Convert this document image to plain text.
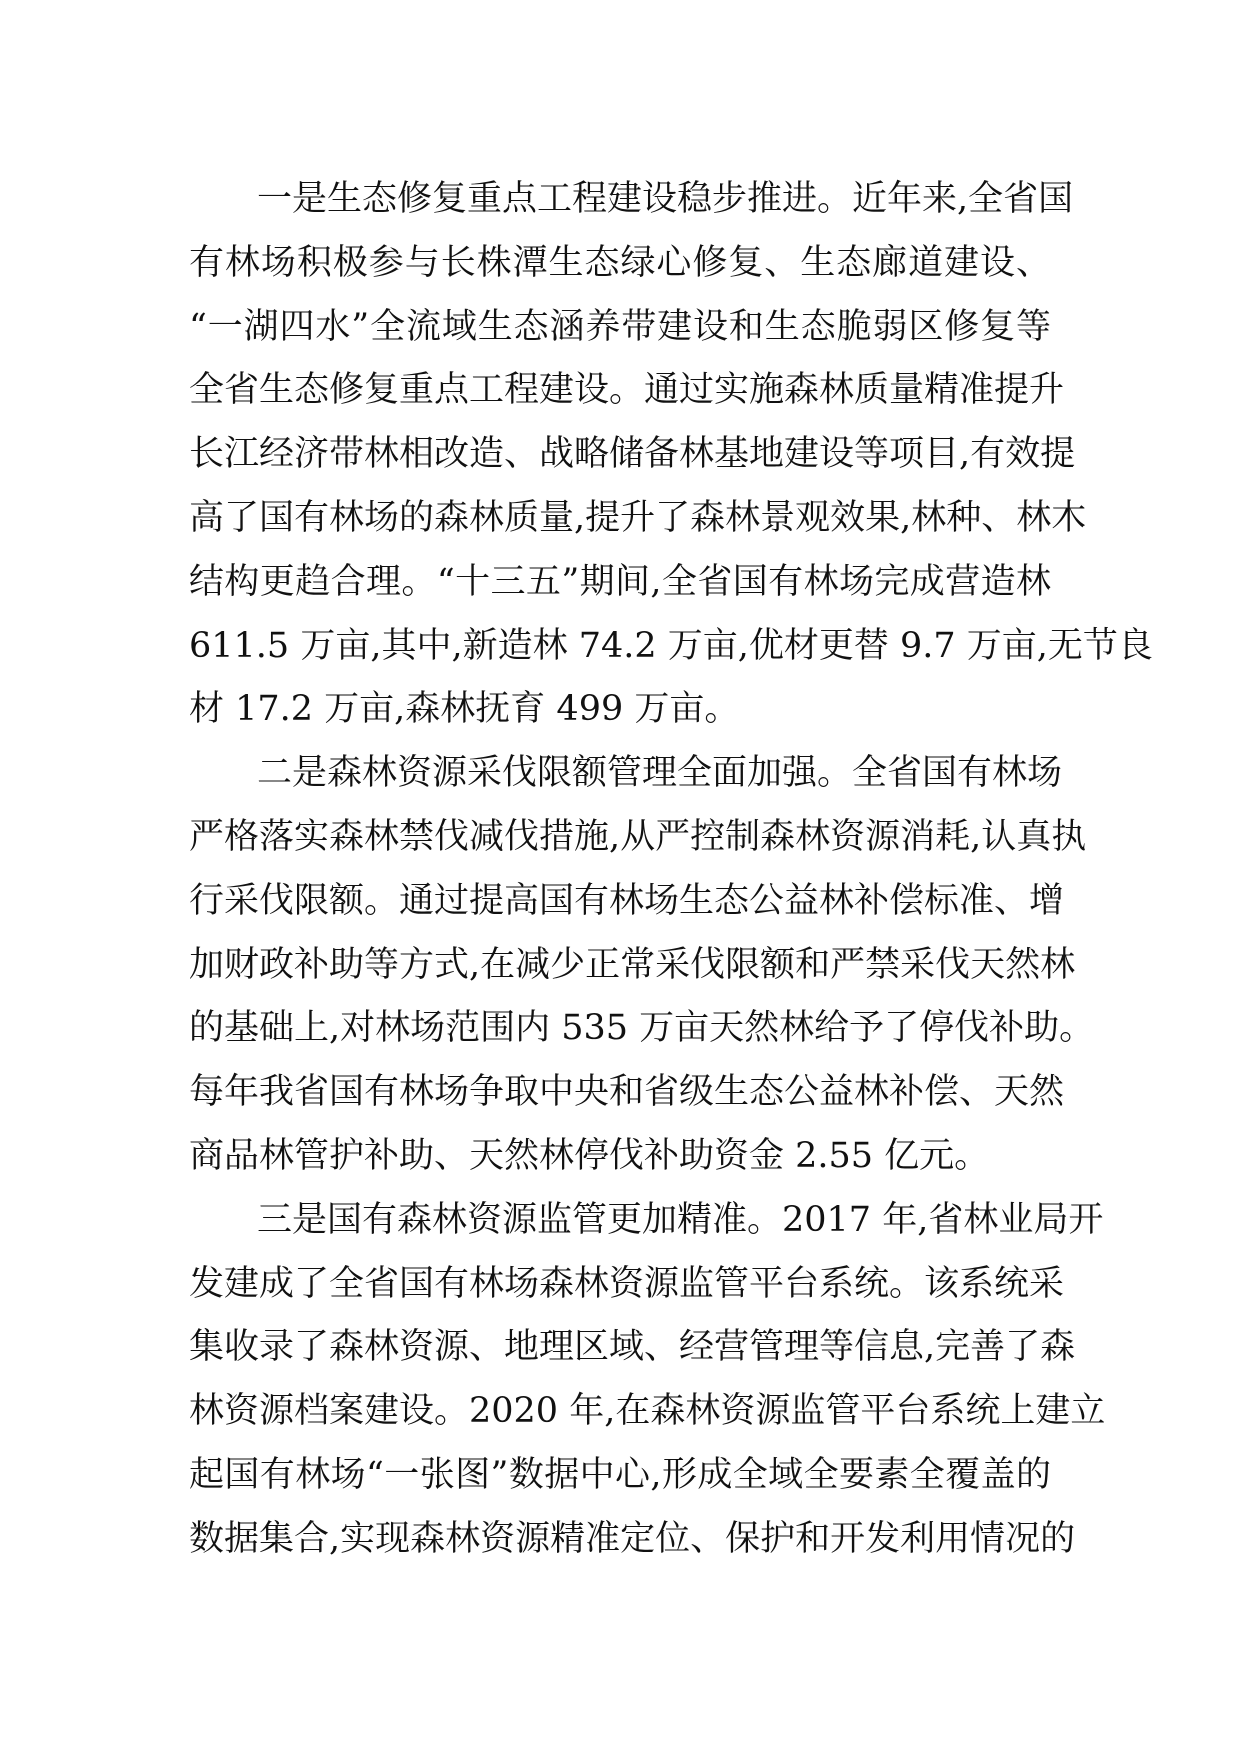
一是生态修复重点工程建设稳步推进。近年来,全省国
有林场积极参与长株潭生态绿心修复、生态廊道建设、
“一湖四水”全流域生态涵养带建设和生态脆弱区修复等
全省生态修复重点工程建设。通过实施森林质量精准提升
长江经济带林相改造、战略储备林基地建设等项目,有效提
高了国有林场的森林质量,提升了森林景观效果,林种、林木
结构更趋合理。“十三五”期间,全省国有林场完成营造林
611.5 万亩,其中,新造林 74.2 万亩,优材更替 9.7 万亩,无节良
材 17.2 万亩,森林抚育 499 万亩。
二是森林资源采伐限额管理全面加强。全省国有林场
严格落实森林禁伐减伐措施,从严控制森林资源消耗,认真执
行采伐限额。通过提高国有林场生态公益林补偿标准、增
加财政补助等方式,在减少正常采伐限额和严禁采伐天然林
的基础上,对林场范围内 535 万亩天然林给予了停伐补助。
每年我省国有林场争取中央和省级生态公益林补偿、天然
商品林管护补助、天然林停伐补助资金 2.55 亿元。
三是国有森林资源监管更加精准。2017 年,省林业局开
发建成了全省国有林场森林资源监管平台系统。该系统采
集收录了森林资源、地理区域、经营管理等信息,完善了森
林资源档案建设。2020 年,在森林资源监管平台系统上建立
起国有林场“一张图”数据中心,形成全域全要素全覆盖的
数据集合,实现森林资源精准定位、保护和开发利用情况的
